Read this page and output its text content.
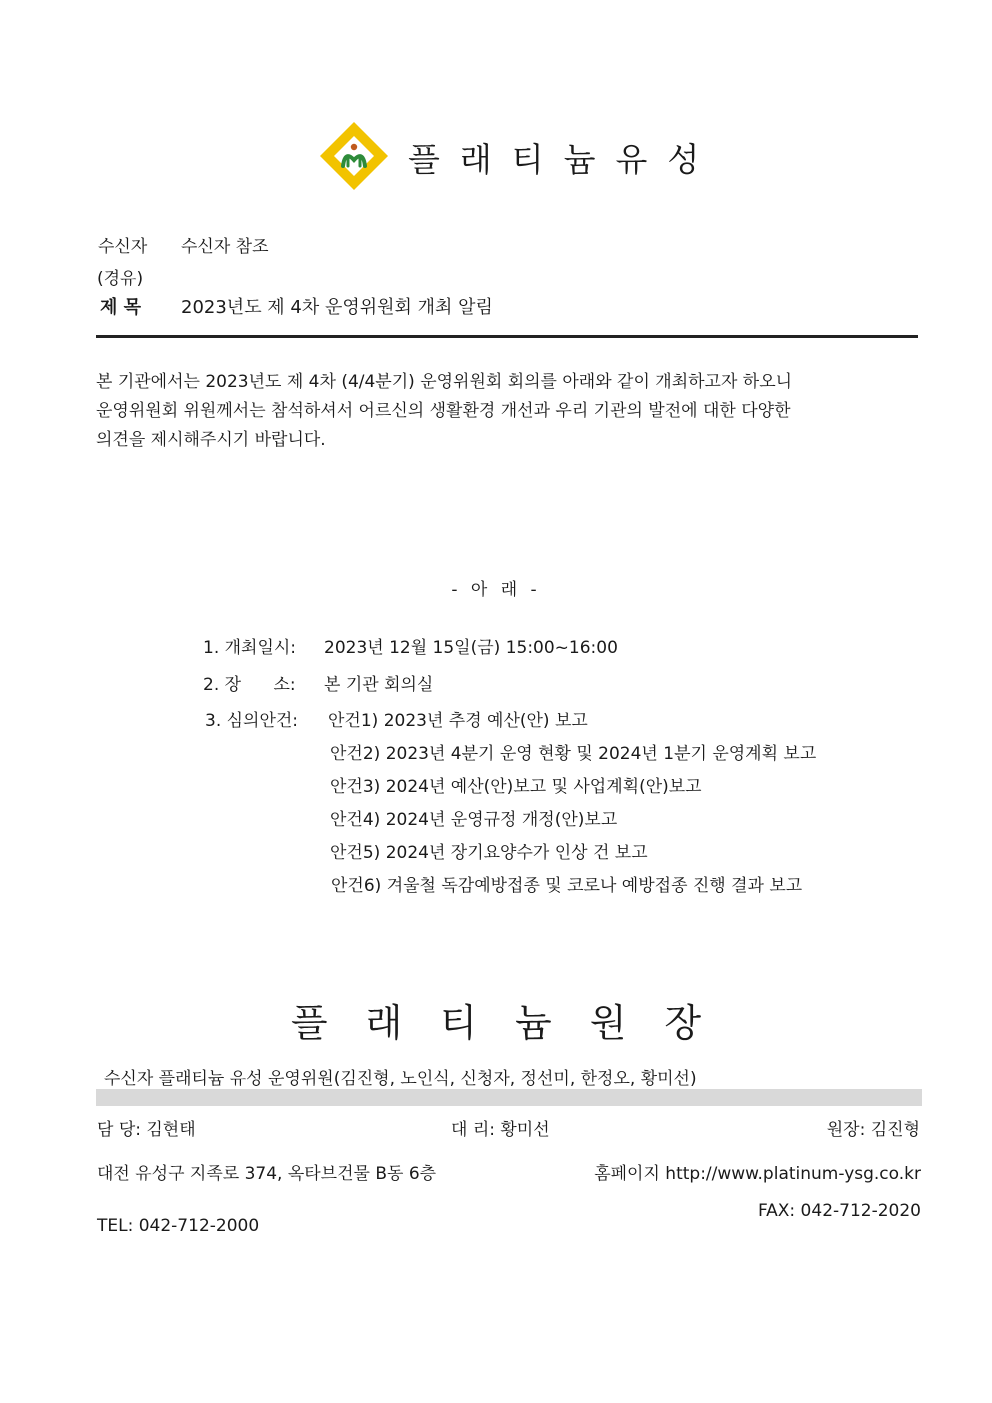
플래티늄유성
수신자 수신자 참조
(경유)
제 목 2023년도 제 4차 운영위원회 개최 알림
본 기관에서는 2023년도 제 4차 (4/4분기) 운영위원회 회의를 아래와 같이 개최하고자 하오니
운영위원회 위원께서는 참석하셔서 어르신의 생활환경 개선과 우리 기관의 발전에 대한 다양한
의견을 제시해주시기 바랍니다.
- 아 래 -
1. 개최일시: 2023년 12월 15일(금) 15:00~16:00
2. 장      소: 본 기관 회의실
3. 심의안건: 안건1) 2023년 추경 예산(안) 보고
안건2) 2023년 4분기 운영 현황 및 2024년 1분기 운영계획 보고
안건3) 2024년 예산(안)보고 및 사업계획(안)보고
안건4) 2024년 운영규정 개정(안)보고
안건5) 2024년 장기요양수가 인상 건 보고
안건6) 겨울철 독감예방접종 및 코로나 예방접종 진행 결과 보고
플래티늄원장
수신자 플래티늄 유성 운영위원(김진형, 노인식, 신청자, 정선미, 한정오, 황미선)
담 당: 김현태	대 리: 황미선	원장: 김진형
대전 유성구 지족로 374, 옥타브건물 B동 6층	홈페이지 http://www.platinum-ysg.co.kr
FAX: 042-712-2020
TEL: 042-712-2000
